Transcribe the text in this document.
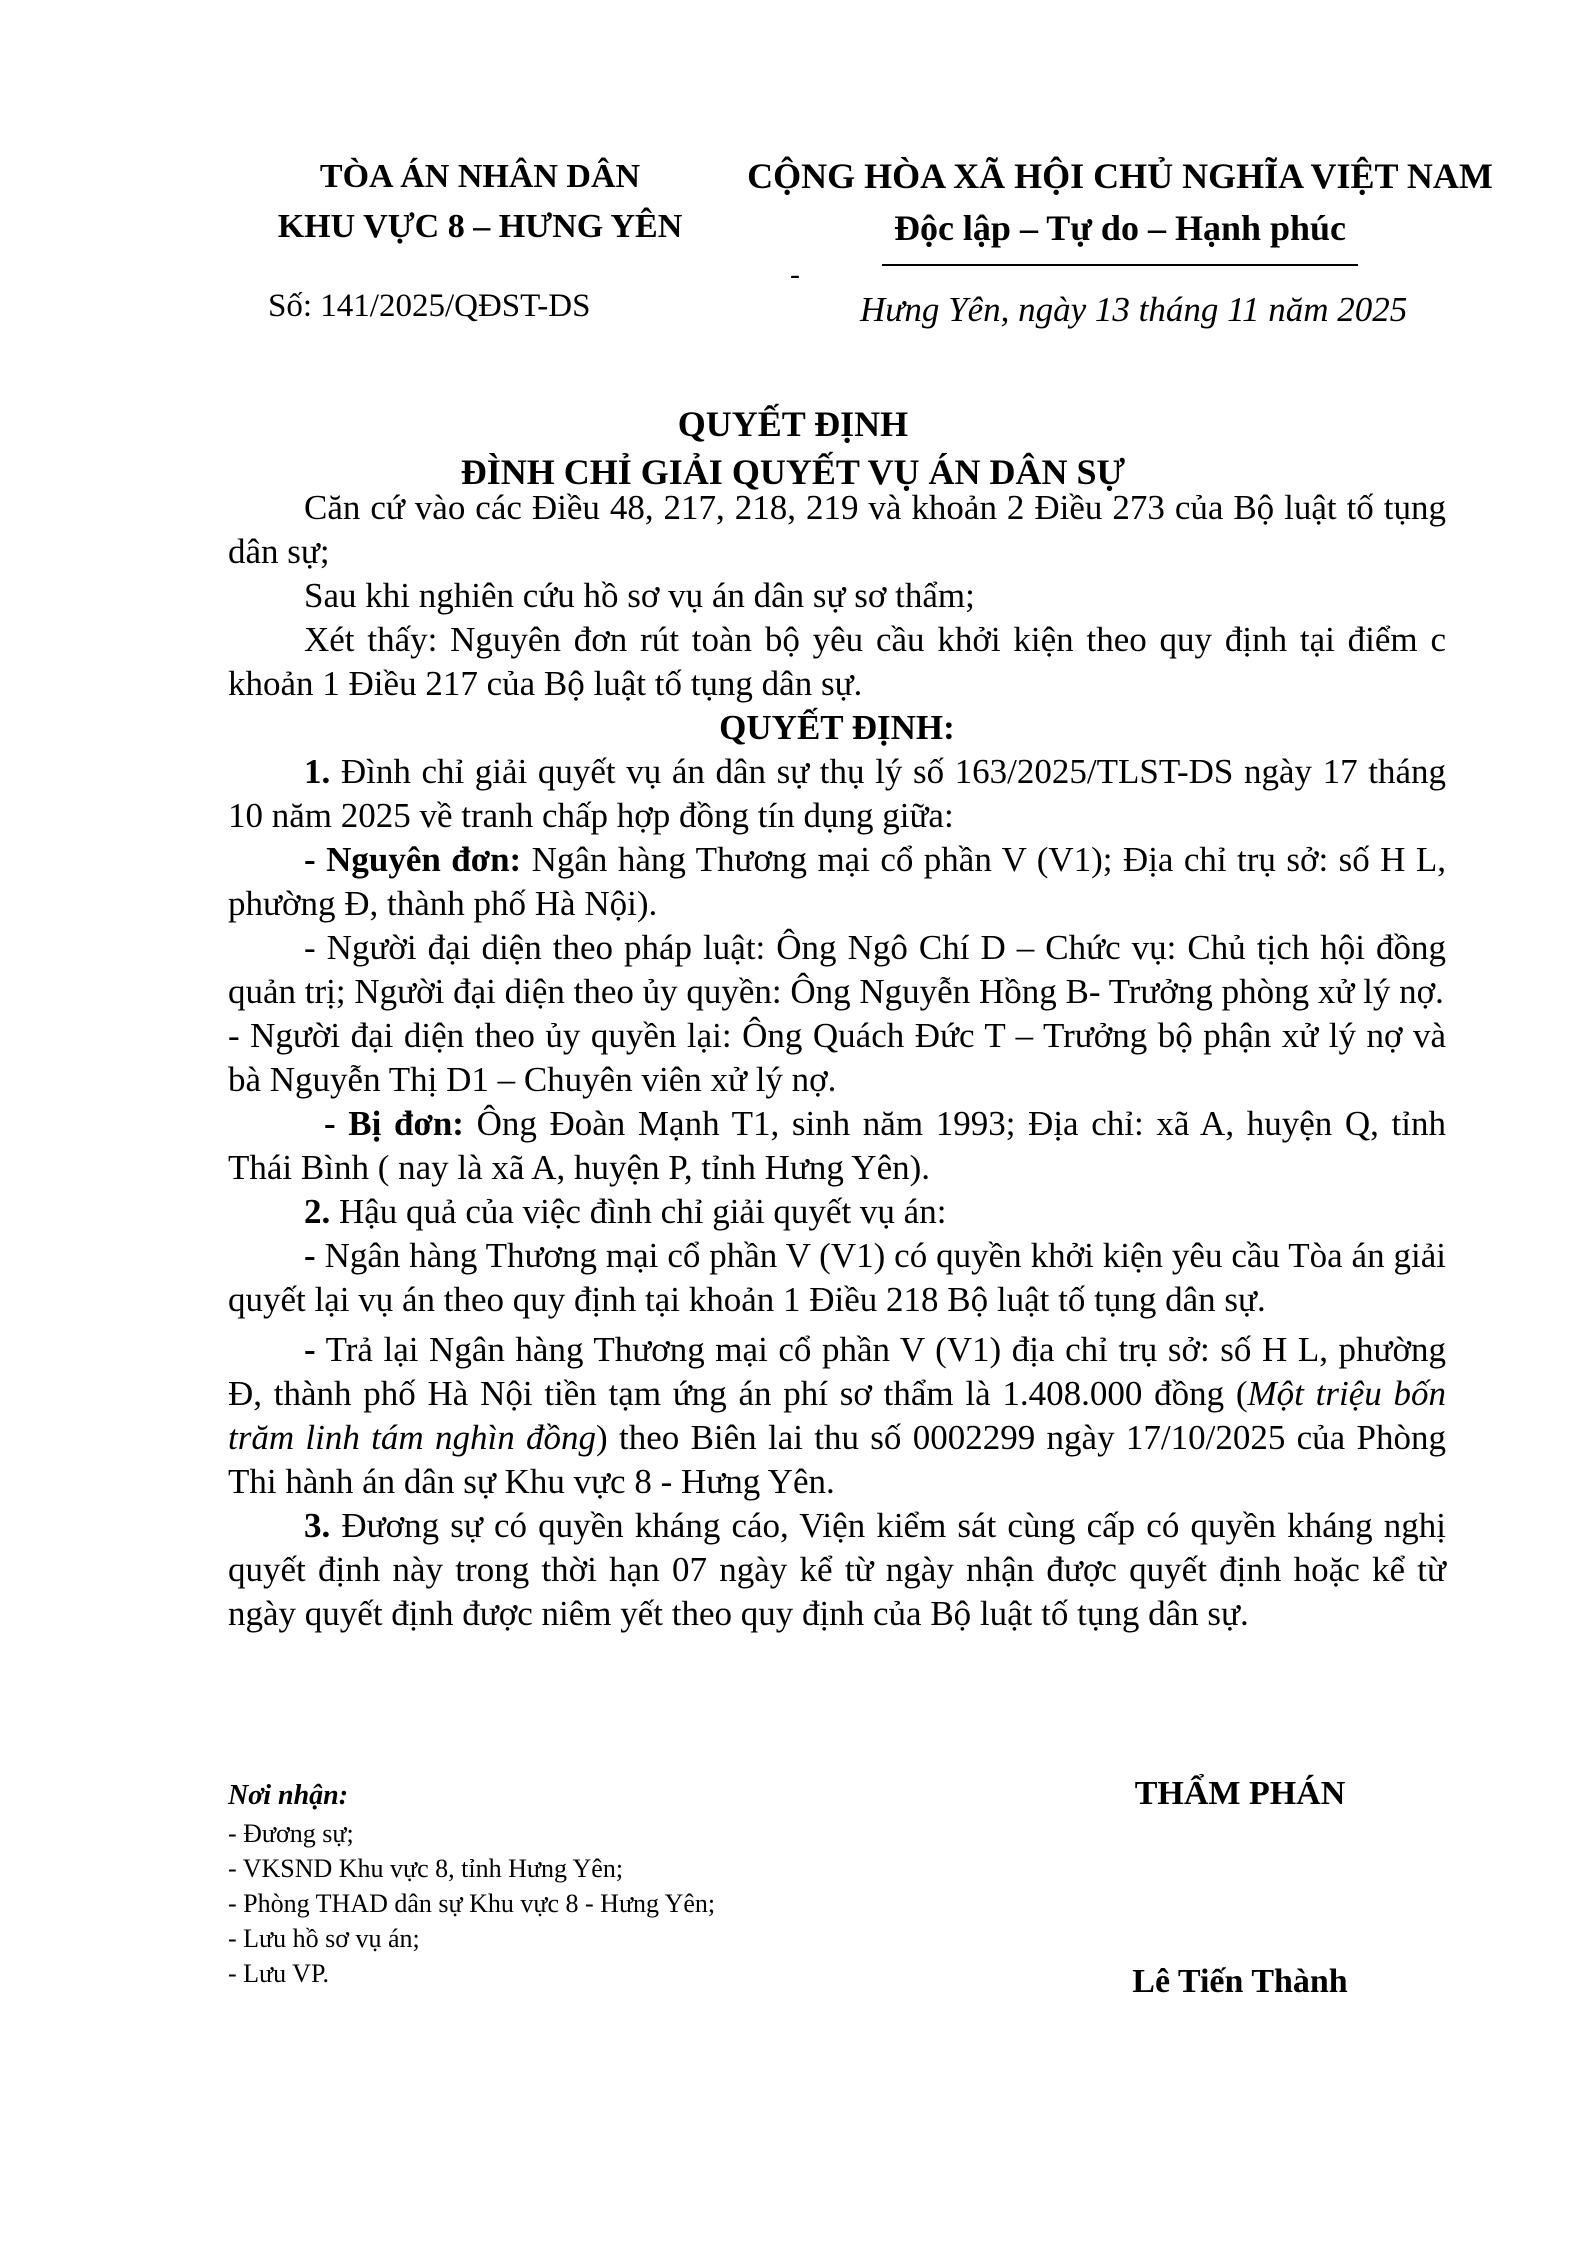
TÒA ÁN NHÂN DÂN
KHU VỰC 8 – HƯNG YÊN
CỘNG HÒA XÃ HỘI CHỦ NGHĨA VIỆT NAM
Độc lập – Tự do – Hạnh phúc
-
Số: 141/2025/QĐST-DS	Hưng Yên, ngày 13 tháng 11 năm 2025
QUYẾT ĐỊNH
ĐÌNH CHỈ GIẢI QUYẾT VỤ ÁN DÂN SỰ

Căn cứ vào các Điều 48, 217, 218, 219 và khoản 2 Điều 273 của Bộ luật tố tụng dân sự;

Sau khi nghiên cứu hồ sơ vụ án dân sự sơ thẩm;

Xét thấy: Nguyên đơn rút toàn bộ yêu cầu khởi kiện theo quy định tại điểm c khoản 1 Điều 217 của Bộ luật tố tụng dân sự.

QUYẾT ĐỊNH:

1. Đình chỉ giải quyết vụ án dân sự thụ lý số 163/2025/TLST-DS ngày 17 tháng 10 năm 2025 về tranh chấp hợp đồng tín dụng giữa:

- Nguyên đơn: Ngân hàng Thương mại cổ phần V (V1); Địa chỉ trụ sở: số H L, phường Đ, thành phố Hà Nội).

- Người đại diện theo pháp luật: Ông Ngô Chí D – Chức vụ: Chủ tịch hội đồng quản trị; Người đại diện theo ủy quyền: Ông Nguyễn Hồng B- Trưởng phòng xử lý nợ.

- Người đại diện theo ủy quyền lại: Ông Quách Đức T – Trưởng bộ phận xử lý nợ và bà Nguyễn Thị D1 – Chuyên viên xử lý nợ.

- Bị đơn: Ông Đoàn Mạnh T1, sinh năm 1993; Địa chỉ: xã A, huyện Q, tỉnh Thái Bình ( nay là xã A, huyện P, tỉnh Hưng Yên).

2. Hậu quả của việc đình chỉ giải quyết vụ án:

- Ngân hàng Thương mại cổ phần V (V1) có quyền khởi kiện yêu cầu Tòa án giải quyết lại vụ án theo quy định tại khoản 1 Điều 218 Bộ luật tố tụng dân sự.

- Trả lại Ngân hàng Thương mại cổ phần V (V1) địa chỉ trụ sở: số H L, phường Đ, thành phố Hà Nội tiền tạm ứng án phí sơ thẩm là 1.408.000 đồng (Một triệu bốn trăm linh tám nghìn đồng) theo Biên lai thu số 0002299 ngày 17/10/2025 của Phòng Thi hành án dân sự Khu vực 8 - Hưng Yên.

3. Đương sự có quyền kháng cáo, Viện kiểm sát cùng cấp có quyền kháng nghị quyết định này trong thời hạn 07 ngày kể từ ngày nhận được quyết định hoặc kể từ ngày quyết định được niêm yết theo quy định của Bộ luật tố tụng dân sự.

Nơi nhận:
- Đương sự;
- VKSND Khu vực 8, tỉnh Hưng Yên;
- Phòng THAD dân sự Khu vực 8 - Hưng Yên;
- Lưu hồ sơ vụ án;
- Lưu VP.
THẨM PHÁN
Lê Tiến Thành
